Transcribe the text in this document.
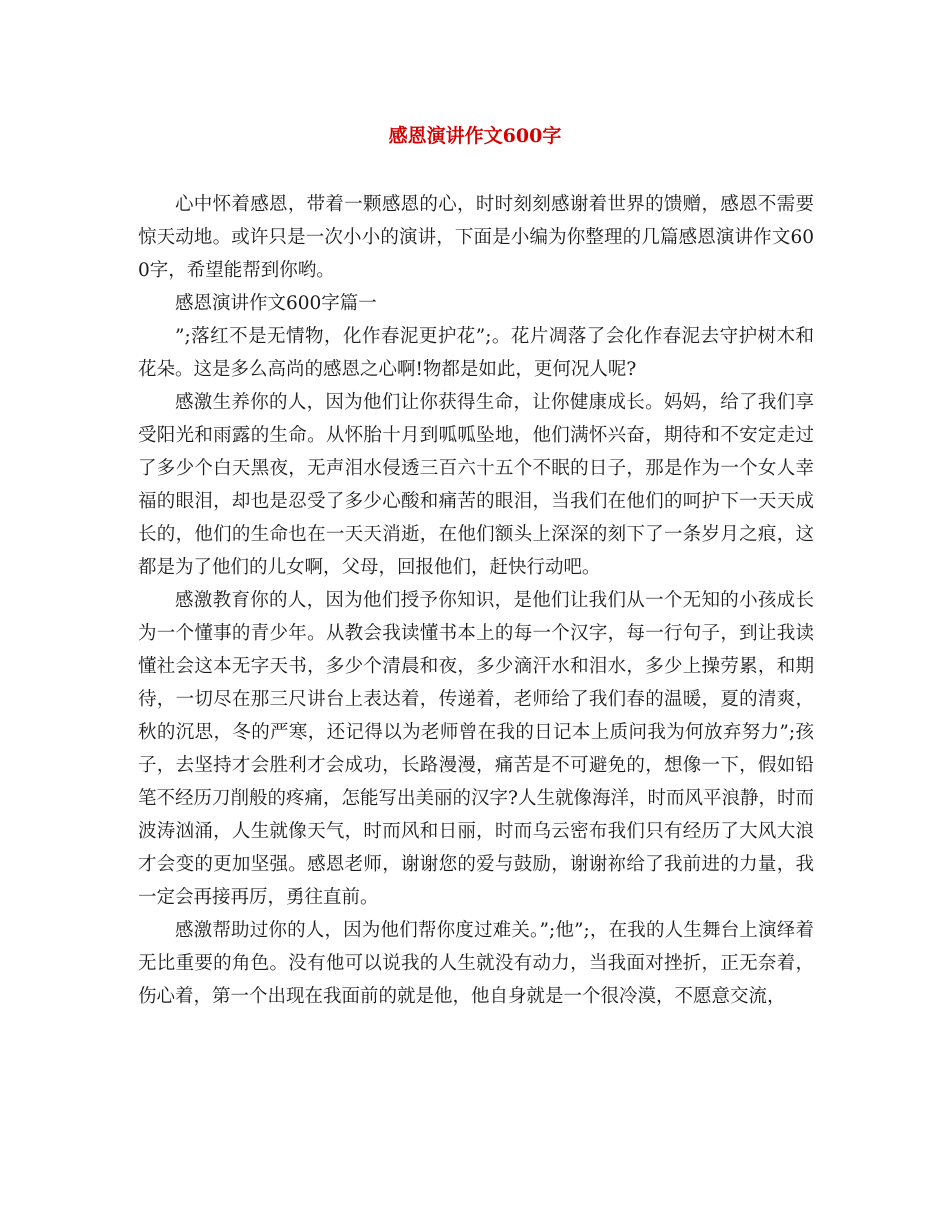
感恩演讲作文600字

心中怀着感恩，带着一颗感恩的心，时时刻刻感谢着世界的馈赠，感恩不需要惊天动地。或许只是一次小小的演讲，下面是小编为你整理的几篇感恩演讲作文600字，希望能帮到你哟。

感恩演讲作文600字篇一

”;落红不是无情物，化作春泥更护花”;。花片凋落了会化作春泥去守护树木和花朵。这是多么高尚的感恩之心啊!物都是如此，更何况人呢?

感激生养你的人，因为他们让你获得生命，让你健康成长。妈妈，给了我们享受阳光和雨露的生命。从怀胎十月到呱呱坠地，他们满怀兴奋，期待和不安定走过了多少个白天黑夜，无声泪水侵透三百六十五个不眠的日子，那是作为一个女人幸福的眼泪，却也是忍受了多少心酸和痛苦的眼泪，当我们在他们的呵护下一天天成长的，他们的生命也在一天天消逝，在他们额头上深深的刻下了一条岁月之痕，这都是为了他们的儿女啊，父母，回报他们，赶快行动吧。

感激教育你的人，因为他们授予你知识，是他们让我们从一个无知的小孩成长为一个懂事的青少年。从教会我读懂书本上的每一个汉字，每一行句子，到让我读懂社会这本无字天书，多少个清晨和夜，多少滴汗水和泪水，多少上操劳累，和期待，一切尽在那三尺讲台上表达着，传递着，老师给了我们春的温暖，夏的清爽，秋的沉思，冬的严寒，还记得以为老师曾在我的日记本上质问我为何放弃努力”;孩子，去坚持才会胜利才会成功，长路漫漫，痛苦是不可避免的，想像一下，假如铅笔不经历刀削般的疼痛，怎能写出美丽的汉字?人生就像海洋，时而风平浪静，时而波涛汹涌，人生就像天气，时而风和日丽，时而乌云密布我们只有经历了大风大浪才会变的更加坚强。感恩老师，谢谢您的爱与鼓励，谢谢祢给了我前进的力量，我一定会再接再厉，勇往直前。

感激帮助过你的人，因为他们帮你度过难关。”;他”;，在我的人生舞台上演绎着无比重要的角色。没有他可以说我的人生就没有动力，当我面对挫折，正无奈着，伤心着，第一个出现在我面前的就是他，他自身就是一个很冷漠，不愿意交流，
